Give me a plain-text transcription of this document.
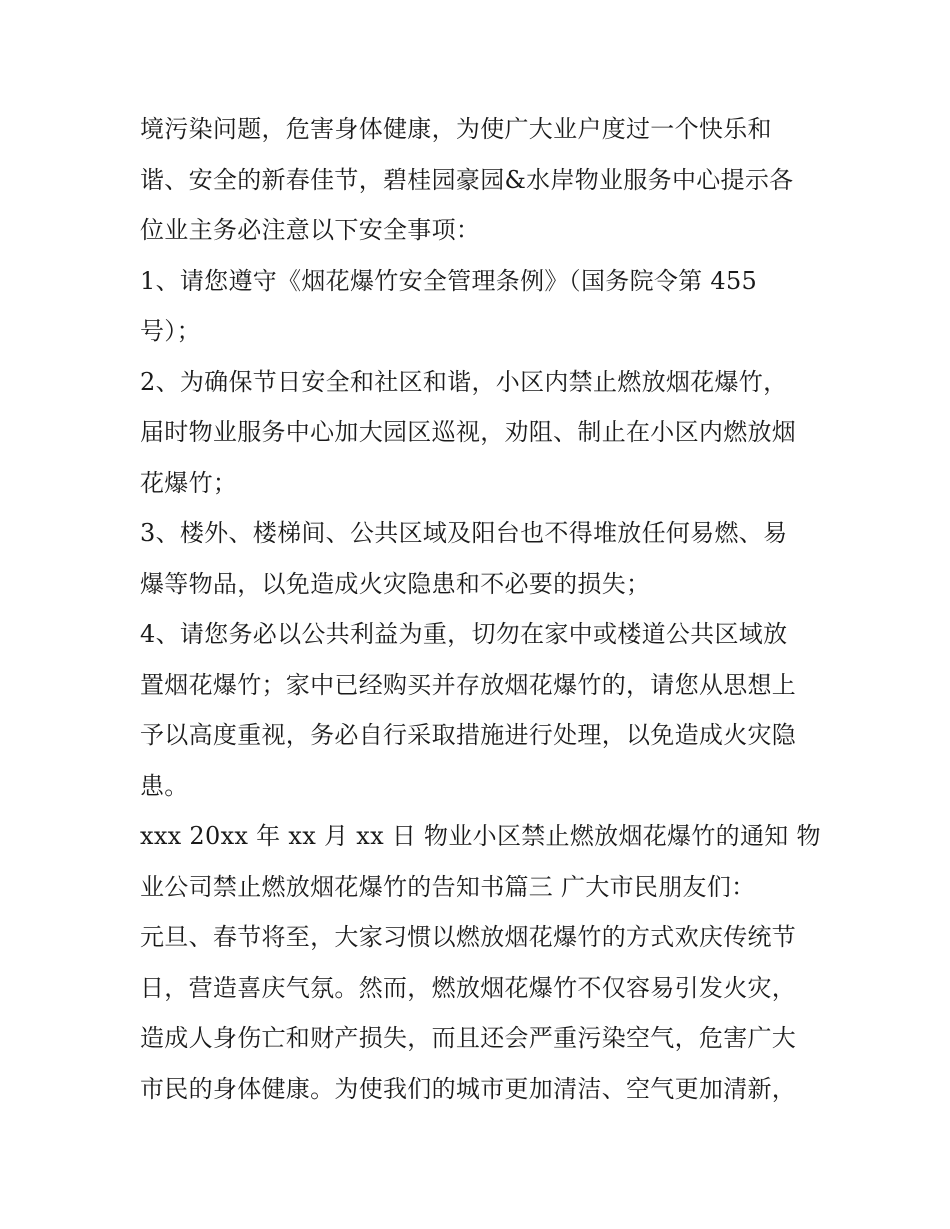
境污染问题，危害身体健康，为使广大业户度过一个快乐和
谐、安全的新春佳节，碧桂园豪园&水岸物业服务中心提示各
位业主务必注意以下安全事项：
1、请您遵守《烟花爆竹安全管理条例》（国务院令第 455
号）；
2、为确保节日安全和社区和谐，小区内禁止燃放烟花爆竹，
届时物业服务中心加大园区巡视，劝阻、制止在小区内燃放烟
花爆竹；
3、楼外、楼梯间、公共区域及阳台也不得堆放任何易燃、易
爆等物品，以免造成火灾隐患和不必要的损失；
4、请您务必以公共利益为重，切勿在家中或楼道公共区域放
置烟花爆竹；家中已经购买并存放烟花爆竹的，请您从思想上
予以高度重视，务必自行采取措施进行处理，以免造成火灾隐
患。
xxx 20xx 年 xx 月 xx 日 物业小区禁止燃放烟花爆竹的通知 物
业公司禁止燃放烟花爆竹的告知书篇三 广大市民朋友们：
元旦、春节将至，大家习惯以燃放烟花爆竹的方式欢庆传统节
日，营造喜庆气氛。然而，燃放烟花爆竹不仅容易引发火灾，
造成人身伤亡和财产损失，而且还会严重污染空气，危害广大
市民的身体健康。为使我们的城市更加清洁、空气更加清新，
